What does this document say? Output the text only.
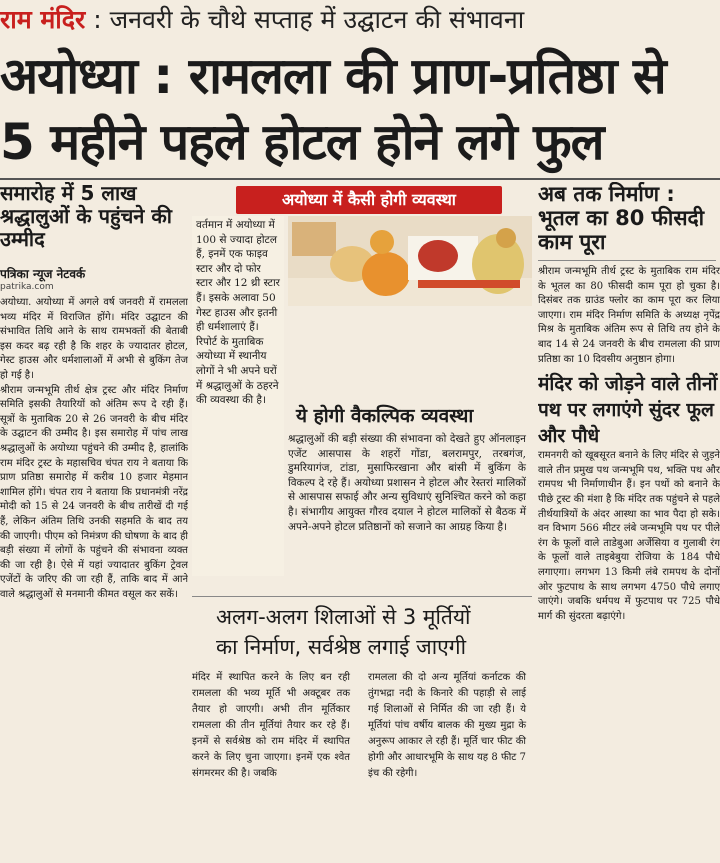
राम मंदिर : जनवरी के चौथे सप्ताह में उद्घाटन की संभावना
अयोध्या : रामलला की प्राण-प्रतिष्ठा से
5 महीने पहले होटल होने लगे फुल
समारोह में 5 लाख श्रद्धालुओं के पहुंचने की उम्मीद
पत्रिका न्यूज नेटवर्क
patrika.com

अयोध्या. अयोध्या में अगले वर्ष जनवरी में रामलला भव्य मंदिर में विराजित होंगे। मंदिर उद्घाटन की संभावित तिथि आने के साथ रामभक्तों की बेताबी इस कदर बढ़ रही है कि शहर के ज्यादातर होटल, गेस्ट हाउस और धर्मशालाओं में अभी से बुकिंग तेज हो गई है।

श्रीराम जन्मभूमि तीर्थ क्षेत्र ट्रस्ट और मंदिर निर्माण समिति इसकी तैयारियों को अंतिम रूप दे रही हैं। सूत्रों के मुताबिक 20 से 26 जनवरी के बीच मंदिर के उद्घाटन की उम्मीद है। इस समारोह में पांच लाख श्रद्धालुओं के अयोध्या पहुंचने की उम्मीद है, हालांकि राम मंदिर ट्रस्ट के महासचिव चंपत राय ने बताया कि प्राण प्रतिष्ठा समारोह में करीब 10 हजार मेहमान शामिल होंगे। चंपत राय ने बताया कि प्रधानमंत्री नरेंद्र मोदी को 15 से 24 जनवरी के बीच तारीखें दी गई हैं, लेकिन अंतिम तिथि उनकी सहमति के बाद तय की जाएगी। पीएम को निमंत्रण की घोषणा के बाद ही बड़ी संख्या में लोगों के पहुंचने की संभावना व्यक्त की जा रही है। ऐसे में यहां ज्यादातर बुकिंग ट्रेवल एजेंटों के जरिए की जा रही हैं, ताकि बाद में आने वाले श्रद्धालुओं से मनमानी कीमत वसूल कर सकें।

अयोध्या में कैसी होगी व्यवस्था
वर्तमान में अयोध्या में 100 से ज्यादा होटल हैं, इनमें एक फाइव स्टार और दो फोर स्टार और 12 थ्री स्टार हैं। इसके अलावा 50 गेस्ट हाउस और इतनी ही धर्मशालाएं हैं। रिपोर्ट के मुताबिक अयोध्या में स्थानीय लोगों ने भी अपने घरों में श्रद्धालुओं के ठहरने की व्यवस्था की है।
ये होगी वैकल्पिक व्यवस्था

श्रद्धालुओं की बड़ी संख्या की संभावना को देखते हुए ऑनलाइन एजेंट आसपास के शहरों गोंडा, बलरामपुर, तरबगंज, डुमरियागंज, टांडा, मुसाफिरखाना और बांसी में बुकिंग के विकल्प दे रहे हैं। अयोध्या प्रशासन ने होटल और रेस्तरां मालिकों से आसपास सफाई और अन्य सुविधाएं सुनिश्चित करने को कहा है। संभागीय आयुक्त गौरव दयाल ने होटल मालिकों से बैठक में अपने-अपने होटल प्रतिष्ठानों को सजाने का आग्रह किया है।

अलग-अलग शिलाओं से 3 मूर्तियों
का निर्माण, सर्वश्रेष्ठ लगाई जाएगी

मंदिर में स्थापित करने के लिए बन रही रामलला की भव्य मूर्ति भी अक्टूबर तक तैयार हो जाएगी। अभी तीन मूर्तिकार रामलला की तीन मूर्तियां तैयार कर रहे हैं। इनमें से सर्वश्रेष्ठ को राम मंदिर में स्थापित करने के लिए चुना जाएगा। इनमें एक श्वेत संगमरमर की है। जबकि

रामलला की दो अन्य मूर्तियां कर्नाटक की तुंगभद्रा नदी के किनारे की पहाड़ी से लाई गई शिलाओं से निर्मित की जा रही हैं। ये मूर्तियां पांच वर्षीय बालक की मुख्य मुद्रा के अनुरूप आकार ले रही हैं। मूर्ति चार फीट की होगी और आधारभूमि के साथ यह 8 फीट 7 इंच की रहेगी।

अब तक निर्माण : भूतल का 80 फीसदी काम पूरा

श्रीराम जन्मभूमि तीर्थ ट्रस्ट के मुताबिक राम मंदिर के भूतल का 80 फीसदी काम पूरा हो चुका है। दिसंबर तक ग्राउंड फ्लोर का काम पूरा कर लिया जाएगा। राम मंदिर निर्माण समिति के अध्यक्ष नृपेंद्र मिश्र के मुताबिक अंतिम रूप से तिथि तय होने के बाद 14 से 24 जनवरी के बीच रामलला की प्राण प्रतिष्ठा का 10 दिवसीय अनुष्ठान होगा।

मंदिर को जोड़ने वाले तीनों पथ पर लगाएंगे सुंदर फूल और पौधे

रामनगरी को खूबसूरत बनाने के लिए मंदिर से जुड़ने वाले तीन प्रमुख पथ जन्मभूमि पथ, भक्ति पथ और रामपथ भी निर्माणाधीन हैं। इन पथों को बनाने के पीछे ट्रस्ट की मंशा है कि मंदिर तक पहुंचने से पहले तीर्थयात्रियों के अंदर आस्था का भाव पैदा हो सके। वन विभाग 566 मीटर लंबे जन्मभूमि पथ पर पीले रंग के फूलों वाले ताडेबुआ अर्जेसिया व गुलाबी रंग के फूलों वाले ताइबेबुया रोजिया के 184 पौधे लगाएगा। लगभग 13 किमी लंबे रामपथ के दोनों ओर फुटपाथ के साथ लगभग 4750 पौधे लगाए जाएंगे। जबकि धर्मपथ में फुटपाथ पर 725 पौधे मार्ग की सुंदरता बढ़ाएंगे।
